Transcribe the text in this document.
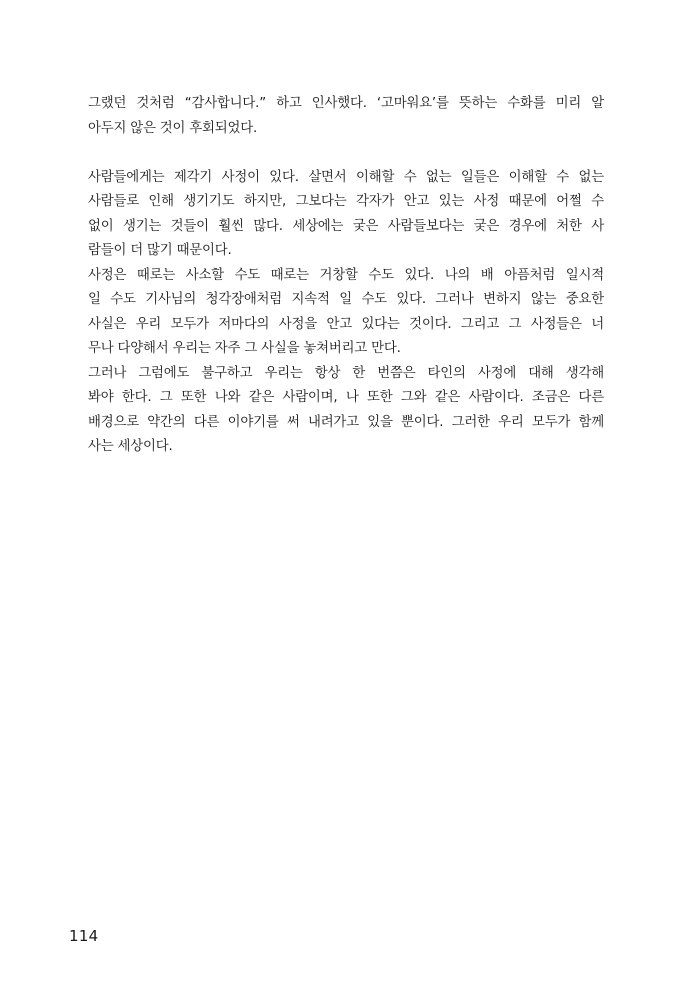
그랬던 것처럼 “감사합니다.” 하고 인사했다. ‘고마워요’를 뜻하는 수화를 미리 알
아두지 않은 것이 후회되었다.
사람들에게는 제각기 사정이 있다. 살면서 이해할 수 없는 일들은 이해할 수 없는
사람들로 인해 생기기도 하지만, 그보다는 각자가 안고 있는 사정 때문에 어쩔 수
없이 생기는 것들이 훨씬 많다. 세상에는 궂은 사람들보다는 궂은 경우에 처한 사
람들이 더 많기 때문이다.
사정은 때로는 사소할 수도 때로는 거창할 수도 있다. 나의 배 아픔처럼 일시적
일 수도 기사님의 청각장애처럼 지속적 일 수도 있다. 그러나 변하지 않는 중요한
사실은 우리 모두가 저마다의 사정을 안고 있다는 것이다. 그리고 그 사정들은 너
무나 다양해서 우리는 자주 그 사실을 놓쳐버리고 만다.
그러나 그럼에도 불구하고 우리는 항상 한 번쯤은 타인의 사정에 대해 생각해
봐야 한다. 그 또한 나와 같은 사람이며, 나 또한 그와 같은 사람이다. 조금은 다른
배경으로 약간의 다른 이야기를 써 내려가고 있을 뿐이다. 그러한 우리 모두가 함께
사는 세상이다.
114
